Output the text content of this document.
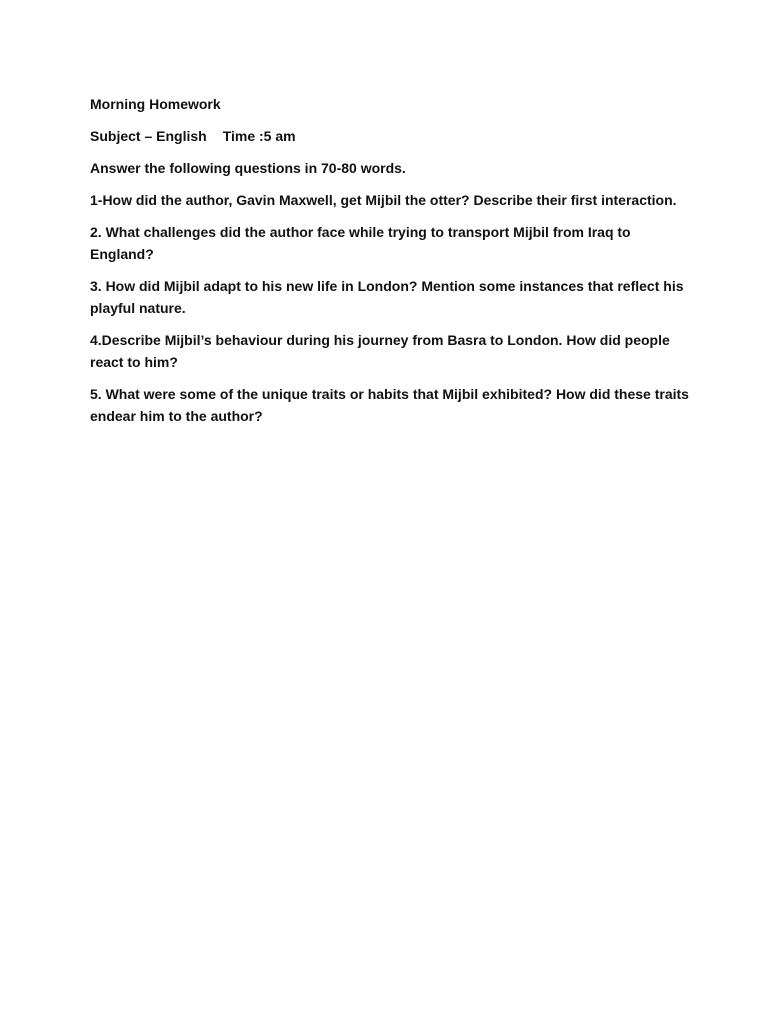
Morning Homework
Subject – English Time :5 am
Answer the following questions in 70-80 words.
1-How did the author, Gavin Maxwell, get Mijbil the otter? Describe their first interaction.
2. What challenges did the author face while trying to transport Mijbil from Iraq to England?
3. How did Mijbil adapt to his new life in London? Mention some instances that reflect his playful nature.
4.Describe Mijbil’s behaviour during his journey from Basra to London. How did people react to him?
5. What were some of the unique traits or habits that Mijbil exhibited? How did these traits endear him to the author?
